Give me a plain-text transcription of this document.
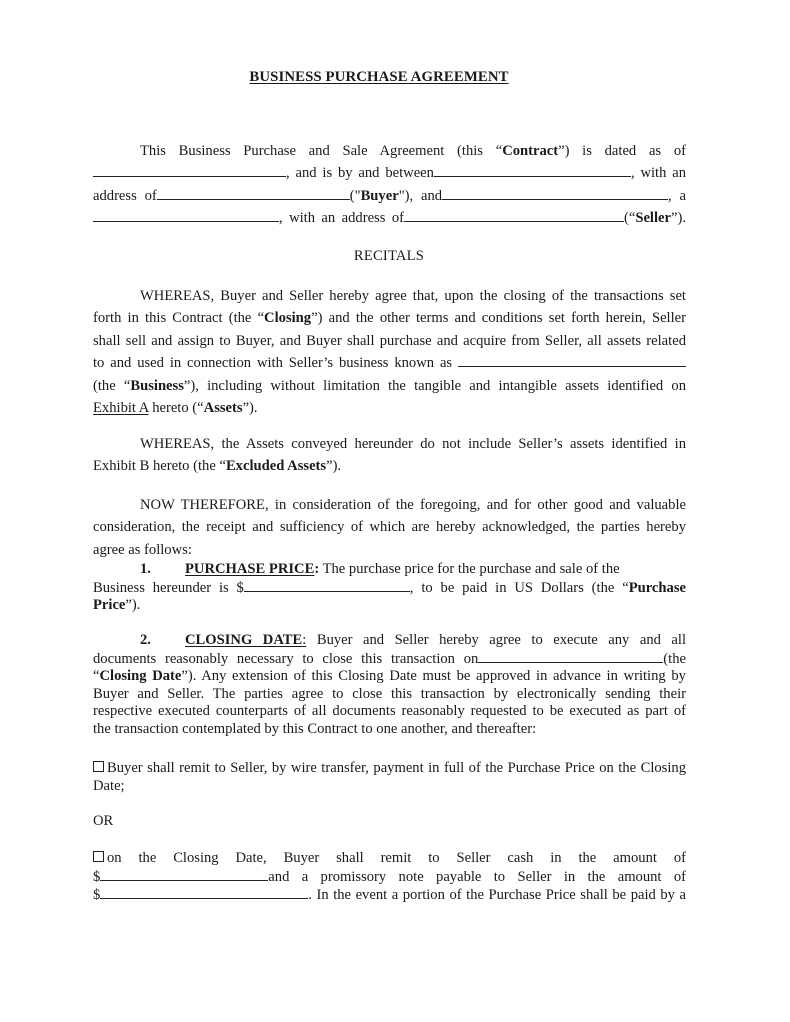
BUSINESS PURCHASE AGREEMENT
This Business Purchase and Sale Agreement (this “Contract”) is dated as of
, and is by and between	, with an
address of	("Buyer"), and	, a
, with an address of	(“Seller”).
RECITALS
WHEREAS, Buyer and Seller hereby agree that, upon the closing of the transactions set
forth in this Contract (the “Closing”) and the other terms and conditions set forth herein, Seller
shall sell and assign to Buyer, and Buyer shall purchase and acquire from Seller, all assets related
to and used in connection with Seller’s business known as
(the “Business”), including without limitation the tangible and intangible assets identified on
Exhibit A hereto (“Assets”).
WHEREAS, the Assets conveyed hereunder do not include Seller’s assets identified in
Exhibit B hereto (the “Excluded Assets”).
NOW THEREFORE, in consideration of the foregoing, and for other good and valuable
consideration, the receipt and sufficiency of which are hereby acknowledged, the parties hereby
agree as follows:
1. PURCHASE PRICE: The purchase price for the purchase and sale of the
Business hereunder is $	, to be paid in US Dollars (the “Purchase
Price”).
2. CLOSING DATE: Buyer and Seller hereby agree to execute any and all
documents reasonably necessary to close this transaction on	(the
“Closing Date”). Any extension of this Closing Date must be approved in advance in writing by
Buyer and Seller. The parties agree to close this transaction by electronically sending their
respective executed counterparts of all documents reasonably requested to be executed as part of
the transaction contemplated by this Contract to one another, and thereafter:
Buyer shall remit to Seller, by wire transfer, payment in full of the Purchase Price on the Closing
Date;
OR
on the Closing Date, Buyer shall remit to Seller cash in the amount of
$	and a promissory note payable to Seller in the amount of
$	. In the event a portion of the Purchase Price shall be paid by a
